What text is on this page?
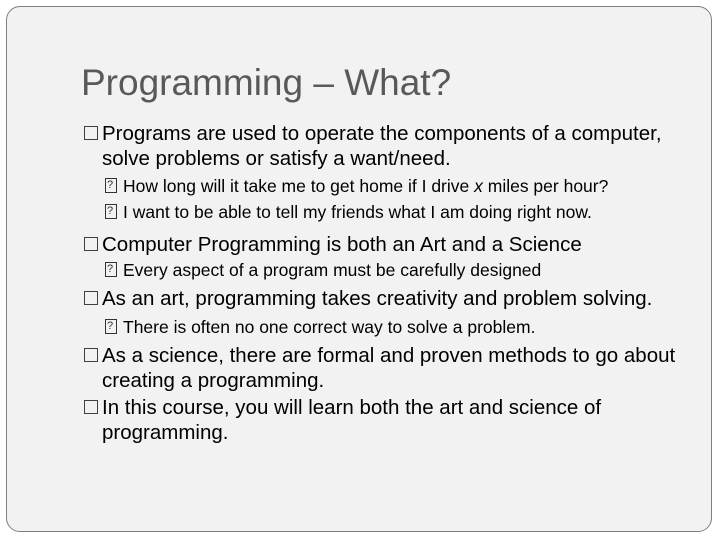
Programming – What?
Programs are used to operate the components of a computer, solve problems or satisfy a want/need.
?
How long will it take me to get home if I drive x miles per hour?
?
I want to be able to tell my friends what I am doing right now.
Computer Programming is both an Art and a Science
?
Every aspect of a program must be carefully designed
As an art, programming takes creativity and problem solving.
?
There is often no one correct way to solve a problem.
As a science, there are formal and proven methods to go about creating a programming.
In this course, you will learn both the art and science of programming.
